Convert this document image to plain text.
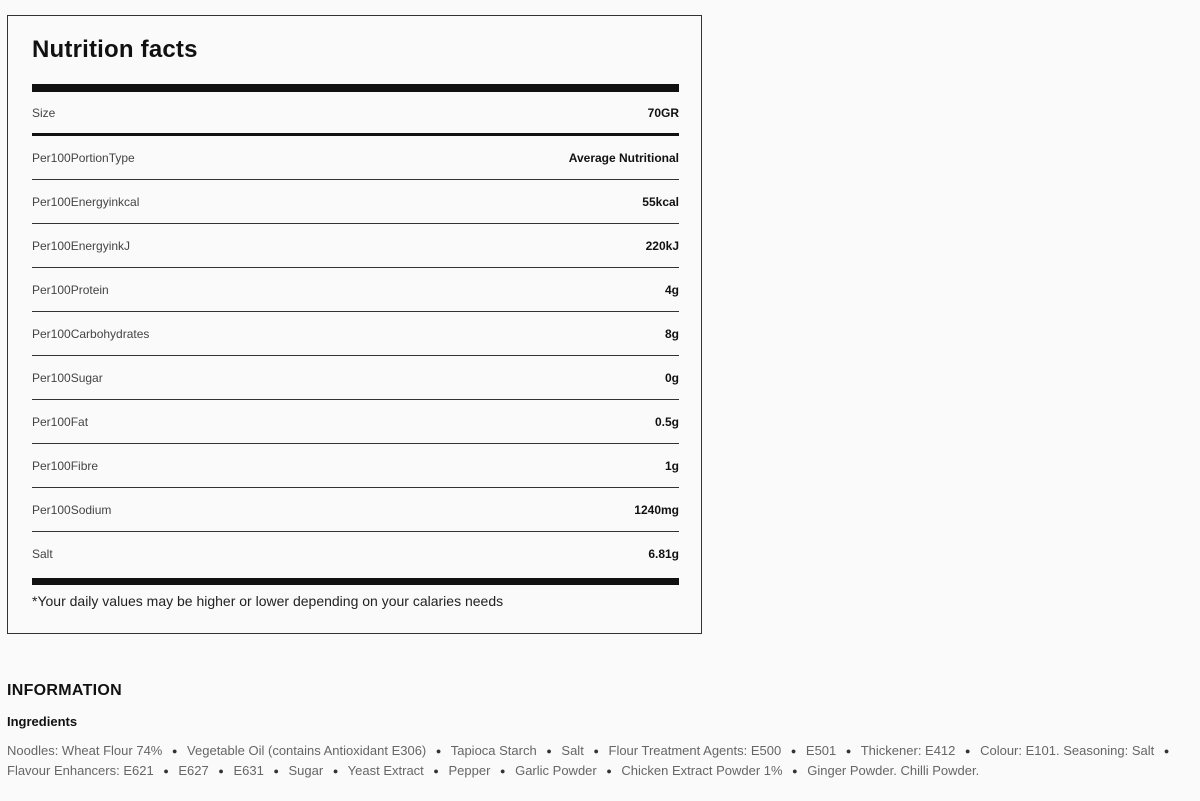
Nutrition facts
Size	70GR
Per100PortionType	Average Nutritional
Per100Energyinkcal	55kcal
Per100EnergyinkJ	220kJ
Per100Protein	4g
Per100Carbohydrates	8g
Per100Sugar	0g
Per100Fat	0.5g
Per100Fibre	1g
Per100Sodium	1240mg
Salt	6.81g
*Your daily values may be higher or lower depending on your calaries needs
INFORMATION
Ingredients

Noodles: Wheat Flour 74% ● Vegetable Oil (contains Antioxidant E306) ● Tapioca Starch ● Salt ● Flour Treatment Agents: E500 ● E501 ● Thickener: E412 ● Colour: E101. Seasoning: Salt ● Flavour Enhancers: E621 ● E627 ● E631 ● Sugar ● Yeast Extract ● Pepper ● Garlic Powder ● Chicken Extract Powder 1% ● Ginger Powder. Chilli Powder.
